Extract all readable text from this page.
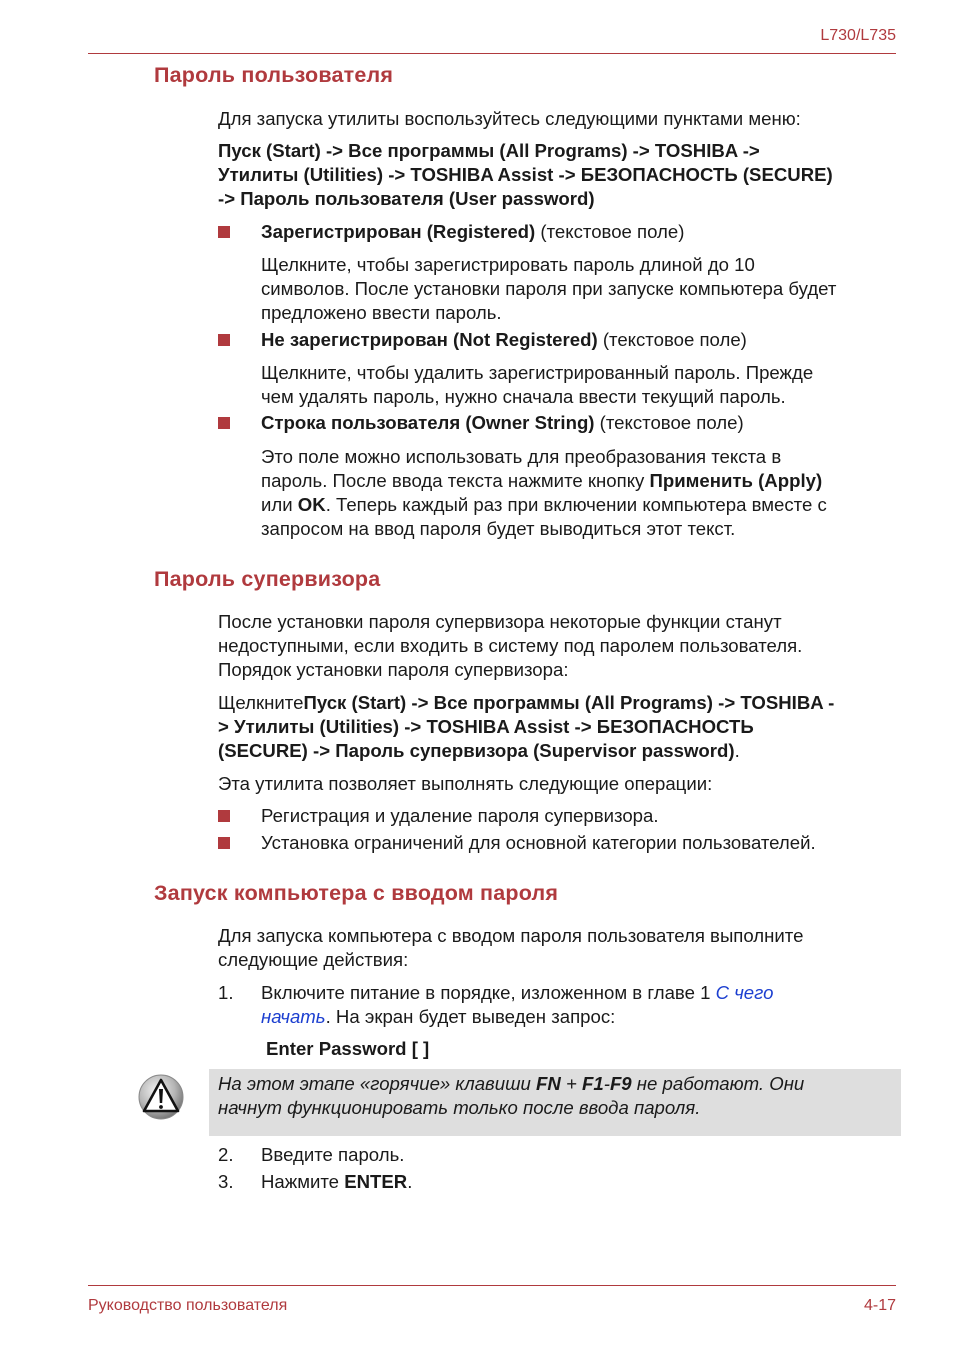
L730/L735
Пароль пользователя

Для запуска утилиты воспользуйтесь следующими пунктами меню:

Пуск (Start) -> Все программы (All Programs) -> TOSHIBA ->
Утилиты (Utilities) -> TOSHIBA Assist -> БЕЗОПАСНОСТЬ (SECURE)
-> Пароль пользователя (User password)

Зарегистрирован (Registered) (текстовое поле)

Щелкните, чтобы зарегистрировать пароль длиной до 10
символов. После установки пароля при запуске компьютера будет
предложено ввести пароль.

Не зарегистрирован (Not Registered) (текстовое поле)

Щелкните, чтобы удалить зарегистрированный пароль. Прежде
чем удалять пароль, нужно сначала ввести текущий пароль.

Строка пользователя (Owner String) (текстовое поле)

Это поле можно использовать для преобразования текста в
пароль. После ввода текста нажмите кнопку Применить (Apply)
или OK. Теперь каждый раз при включении компьютера вместе с
запросом на ввод пароля будет выводиться этот текст.

Пароль супервизора

После установки пароля супервизора некоторые функции станут
недоступными, если входить в систему под паролем пользователя.
Порядок установки пароля супервизора:

ЩелкнитеПуск (Start) -> Все программы (All Programs) -> TOSHIBA -
> Утилиты (Utilities) -> TOSHIBA Assist -> БЕЗОПАСНОСТЬ
(SECURE) -> Пароль супервизора (Supervisor password).

Эта утилита позволяет выполнять следующие операции:

Регистрация и удаление пароля супервизора.

Установка ограничений для основной категории пользователей.

Запуск компьютера с вводом пароля

Для запуска компьютера с вводом пароля пользователя выполните
следующие действия:

1. Включите питание в порядке, изложенном в главе 1 С чего
начать. На экран будет выведен запрос:

Enter Password [ ]

На этом этапе «горячие» клавиши FN + F1-F9 не работают. Они
начнут функционировать только после ввода пароля.

2. Введите пароль.

3. Нажмите ENTER.

Руководство пользователя	4-17
